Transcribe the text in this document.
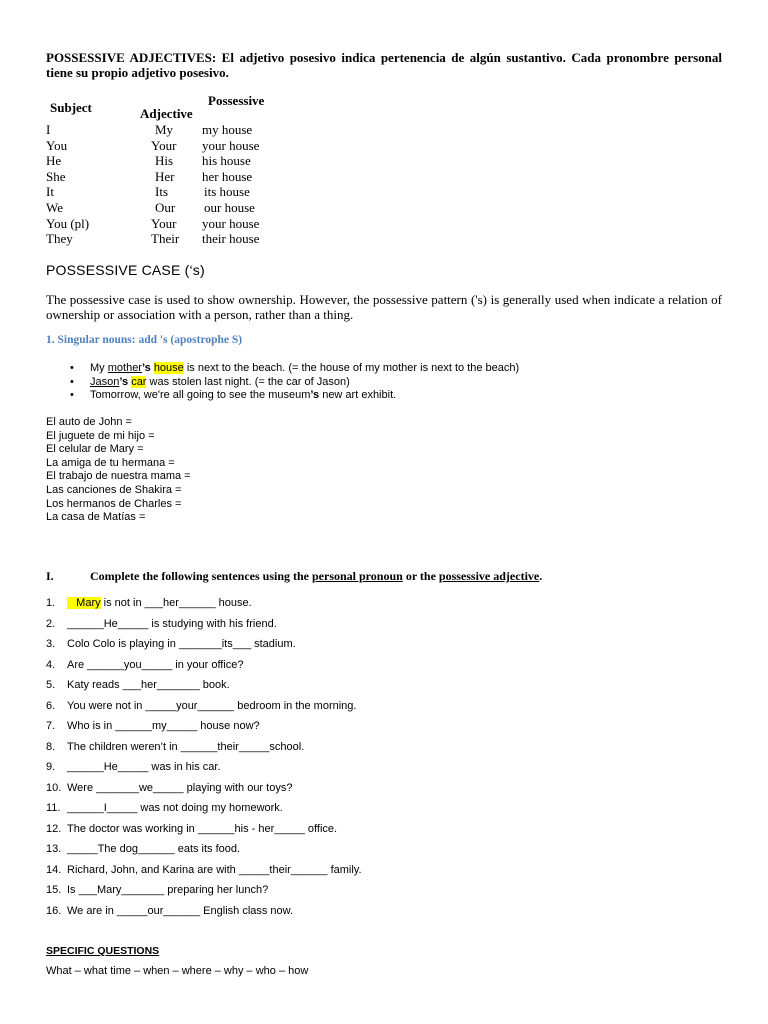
POSSESSIVE ADJECTIVES: El adjetivo posesivo indica pertenencia de algún sustantivo. Cada pronombre personal tiene su propio adjetivo posesivo.
Subject	Possessive
Adjective
I	My my house
You	Your your house
He	His his house
She	Her her house
It	Its	its house
We	Our our house
You (pl)	Your your house
They	Their their house
POSSESSIVE CASE (‘s)
The possessive case is used to show ownership. However, the possessive pattern ('s) is generally used when indicate a relation of ownership or association with a person, rather than a thing.
1. Singular nouns: add 's (apostrophe S)
• My mother’s house is next to the beach. (= the house of my mother is next to the beach)
• Jason’s car was stolen last night. (= the car of Jason)
• Tomorrow, we're all going to see the museum’s new art exhibit.
El auto de John =
El juguete de mi hijo =
El celular de Mary =
La amiga de tu hermana =
El trabajo de nuestra mama =
Las canciones de Shakira =
Los hermanos de Charles =
La casa de Matías =
I.	Complete the following sentences using the personal pronoun or the possessive adjective.
1.   Mary is not in ___her______ house.
2. ______He_____ is studying with his friend.
3. Colo Colo is playing in _______its___ stadium.
4. Are ______you_____ in your office?
5. Katy reads ___her_______ book.
6. You were not in _____your______ bedroom in the morning.
7. Who is in ______my_____ house now?
8. The children weren’t in ______their_____school.
9. ______He_____ was in his car.
10. Were _______we_____ playing with our toys?
11. ______I_____ was not doing my homework.
12. The doctor was working in ______his - her_____ office.
13. _____The dog______ eats its food.
14. Richard, John, and Karina are with _____their______ family.
15. Is ___Mary_______ preparing her lunch?
16. We are in _____our______ English class now.
SPECIFIC QUESTIONS
What – what time – when – where – why – who – how
